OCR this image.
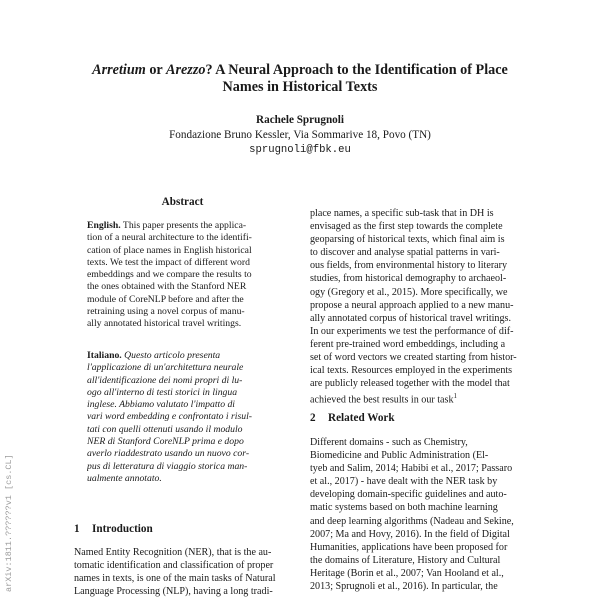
Arretium or Arezzo? A Neural Approach to the Identification of Place
Names in Historical Texts
Rachele Sprugnoli
Fondazione Bruno Kessler, Via Sommarive 18, Povo (TN)
sprugnoli@fbk.eu
arXiv:1811.??????v1 [cs.CL]
Abstract
English. This paper presents the applica-
tion of a neural architecture to the identifi-
cation of place names in English historical
texts. We test the impact of different word
embeddings and we compare the results to
the ones obtained with the Stanford NER
module of CoreNLP before and after the
retraining using a novel corpus of manu-
ally annotated historical travel writings.
Italiano. Questo articolo presenta
l'applicazione di un'architettura neurale
all'identificazione dei nomi propri di lu-
ogo all'interno di testi storici in lingua
inglese. Abbiamo valutato l'impatto di
vari word embedding e confrontato i risul-
tati con quelli ottenuti usando il modulo
NER di Stanford CoreNLP prima e dopo
averlo riaddestrato usando un nuovo cor-
pus di letteratura di viaggio storica man-
ualmente annotato.
1 Introduction
Named Entity Recognition (NER), that is the au-
tomatic identification and classification of proper
names in texts, is one of the main tasks of Natural
Language Processing (NLP), having a long tradi-
place names, a specific sub-task that in DH is
envisaged as the first step towards the complete
geoparsing of historical texts, which final aim is
to discover and analyse spatial patterns in vari-
ous fields, from environmental history to literary
studies, from historical demography to archaeol-
ogy (Gregory et al., 2015). More specifically, we
propose a neural approach applied to a new manu-
ally annotated corpus of historical travel writings.
In our experiments we test the performance of dif-
ferent pre-trained word embeddings, including a
set of word vectors we created starting from histor-
ical texts. Resources employed in the experiments
are publicly released together with the model that
achieved the best results in our task$^1$
2 Related Work
Different domains - such as Chemistry,
Biomedicine and Public Administration (El-
tyeb and Salim, 2014; Habibi et al., 2017; Passaro
et al., 2017) - have dealt with the NER task by
developing domain-specific guidelines and auto-
matic systems based on both machine learning
and deep learning algorithms (Nadeau and Sekine,
2007; Ma and Hovy, 2016). In the field of Digital
Humanities, applications have been proposed for
the domains of Literature, History and Cultural
Heritage (Borin et al., 2007; Van Hooland et al.,
2013; Sprugnoli et al., 2016). In particular, the
